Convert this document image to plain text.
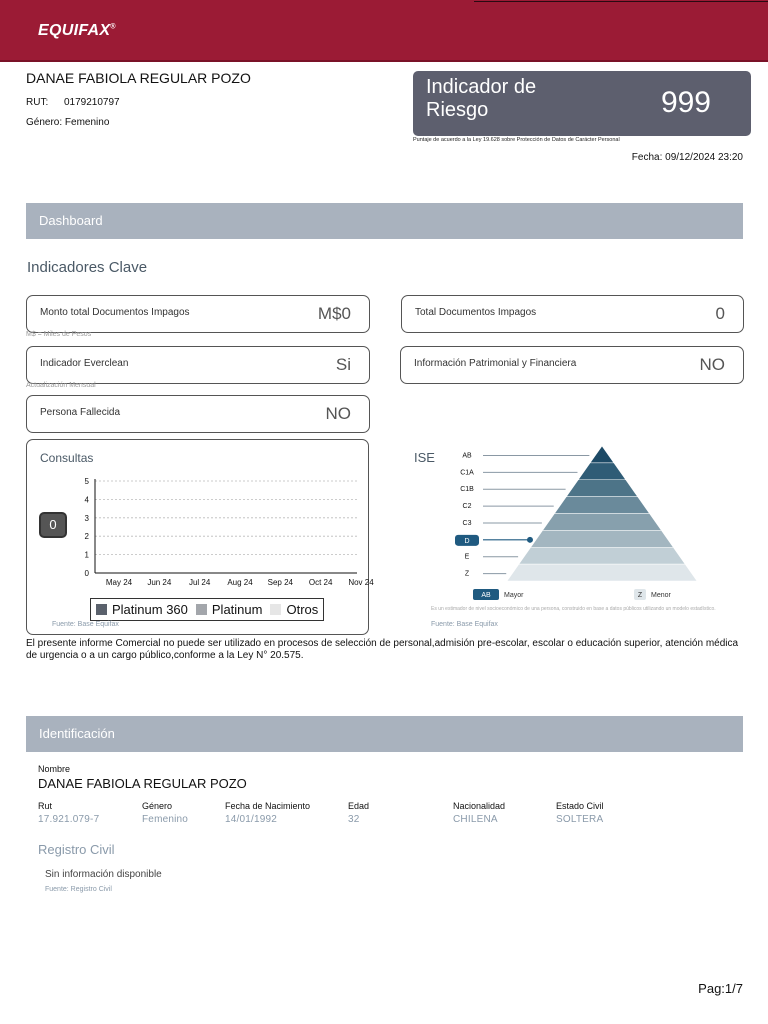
EQUIFAX®
DANAE FABIOLA REGULAR POZO
RUT: 0179210797
Género: Femenino
Indicador de Riesgo	999
Puntaje de acuerdo a la Ley 19.628 sobre Protección de Datos de Carácter Personal
Fecha: 09/12/2024 23:20
Dashboard
Indicadores Clave
Monto total Documentos Impagos	M$0
M$ = Miles de Pesos
Total Documentos Impagos	0
Indicador Everclean	Si
Actualización Mensual
Información Patrimonial y Financiera	NO
Persona Fallecida	NO
Consultas
0
0
1
2
3
4
5
May 24 Jun 24 Jul 24 Aug 24 Sep 24 Oct 24 Nov 24
Platinum 360	Platinum	Otros
Fuente: Base Equifax
ISE	AB
C1A
C1B
C2
C3
D
E
Z
AB Mayor	Z Menor
Es un estimador de nivel socioeconómico de una persona, construido en base a datos públicos utilizando un modelo estadístico.
Fuente: Base Equifax
El presente informe Comercial no puede ser utilizado en procesos de selección de personal,admisión pre-escolar, escolar o educación superior, atención médica de urgencia o a un cargo público,conforme a la Ley N° 20.575.
Identificación
Nombre
DANAE FABIOLA REGULAR POZO
Rut
17.921.079-7
Género
Femenino
Fecha de Nacimiento
14/01/1992
Edad
32
Nacionalidad
CHILENA
Estado Civil
SOLTERA
Registro Civil
Sin información disponible
Fuente: Registro Civil
Pag:1/7
